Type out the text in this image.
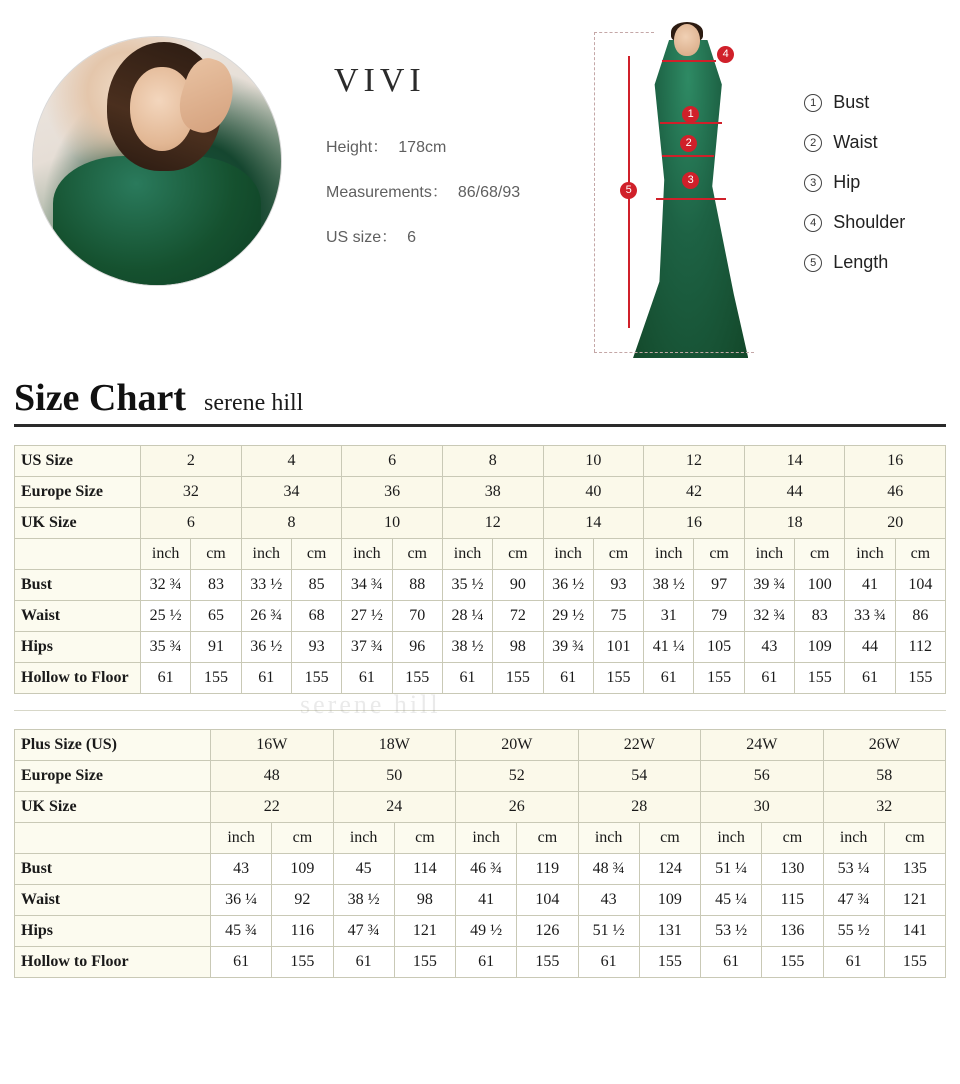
VIVI
Height： 178cm
Measurements： 86/68/93
US size： 6
5
4
1
2
3
1 Bust
2 Waist
3 Hip
4 Shoulder
5 Length
Size Chart serene hill
US Size	2		4		6		8		10		12		14		16	
Europe Size	32		34		36		38		40		42		44		46	
UK Size	6		8		10		12		14		16		18		20	
	inch	cm	inch	cm	inch	cm	inch	cm	inch	cm	inch	cm	inch	cm	inch	cm
Bust	32 ¾	83	33 ½	85	34 ¾	88	35 ½	90	36 ½	93	38 ½	97	39 ¾	100	41	104
Waist	25 ½	65	26 ¾	68	27 ½	70	28 ¼	72	29 ½	75	31	79	32 ¾	83	33 ¾	86
Hips	35 ¾	91	36 ½	93	37 ¾	96	38 ½	98	39 ¾	101	41 ¼	105	43	109	44	112
Hollow to Floor	61	155	61	155	61	155	61	155	61	155	61	155	61	155	61	155
Plus Size (US)	16W		18W		20W		22W		24W		26W	
Europe Size	48		50		52		54		56		58	
UK Size	22		24		26		28		30		32	
	inch	cm	inch	cm	inch	cm	inch	cm	inch	cm	inch	cm
Bust	43	109	45	114	46 ¾	119	48 ¾	124	51 ¼	130	53 ¼	135
Waist	36 ¼	92	38 ½	98	41	104	43	109	45 ¼	115	47 ¾	121
Hips	45 ¾	116	47 ¾	121	49 ½	126	51 ½	131	53 ½	136	55 ½	141
Hollow to Floor	61	155	61	155	61	155	61	155	61	155	61	155
serene hill
